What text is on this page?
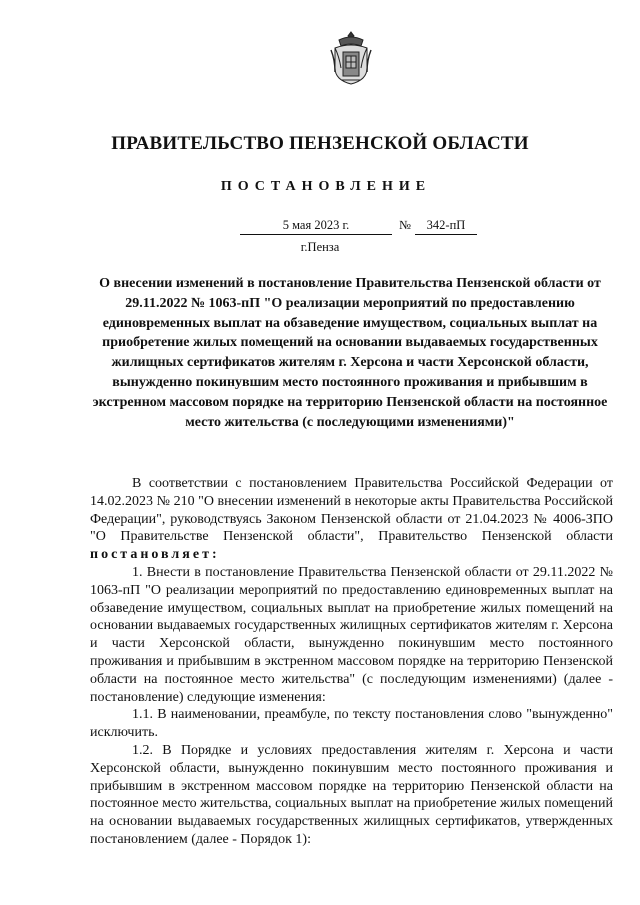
ПРАВИТЕЛЬСТВО ПЕНЗЕНСКОЙ ОБЛАСТИ
ПОСТАНОВЛЕНИЕ
5 мая 2023 г.	№	342-пП
г.Пенза
О внесении изменений в постановление Правительства Пензенской области от 29.11.2022 № 1063-пП "О реализации мероприятий по предоставлению единовременных выплат на обзаведение имуществом, социальных выплат на приобретение жилых помещений на основании выдаваемых государственных жилищных сертификатов жителям г. Херсона и части Херсонской области, вынужденно покинувшим место постоянного проживания и прибывшим в экстренном массовом порядке на территорию Пензенской области на постоянное место жительства (с последующими изменениями)"

В соответствии с постановлением Правительства Российской Федерации от 14.02.2023 № 210 "О внесении изменений в некоторые акты Правительства Российской Федерации", руководствуясь Законом Пензенской области от 21.04.2023 № 4006-ЗПО "О Правительстве Пензенской области", Правительство Пензенской области постановляет:

1. Внести в постановление Правительства Пензенской области от 29.11.2022 № 1063-пП "О реализации мероприятий по предоставлению единовременных выплат на обзаведение имуществом, социальных выплат на приобретение жилых помещений на основании выдаваемых государственных жилищных сертификатов жителям г. Херсона и части Херсонской области, вынужденно покинувшим место постоянного проживания и прибывшим в экстренном массовом порядке на территорию Пензенской области на постоянное место жительства" (с последующим изменениями) (далее - постановление) следующие изменения:

1.1. В наименовании, преамбуле, по тексту постановления слово "вынужденно" исключить.

1.2. В Порядке и условиях предоставления жителям г. Херсона и части Херсонской области, вынужденно покинувшим место постоянного проживания и прибывшим в экстренном массовом порядке на территорию Пензенской области на постоянное место жительства, социальных выплат на приобретение жилых помещений на основании выдаваемых государственных жилищных сертификатов, утвержденных постановлением (далее - Порядок 1):
